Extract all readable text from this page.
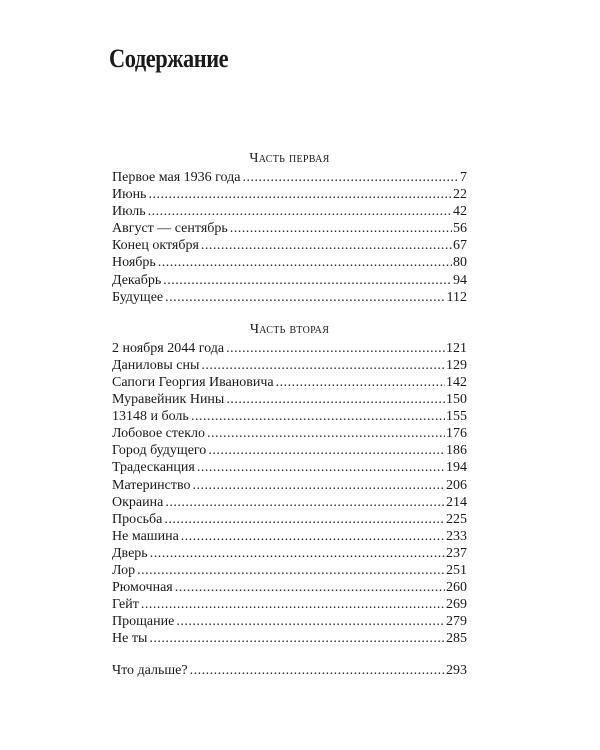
Содержание
Часть первая
Первое мая 1936 года .....	7
Июнь .....	22
Июль .....	42
Август — сентябрь .....	56
Конец октября .....	67
Ноябрь .....	80
Декабрь .....	94
Будущее .....	112
Часть вторая
2 ноября 2044 года .....	121
Даниловы сны .....	129
Сапоги Георгия Ивановича .....	142
Муравейник Нины .....	150
13148 и боль .....	155
Лобовое стекло .....	176
Город будущего .....	186
Традесканция .....	194
Материнство .....	206
Окраина .....	214
Просьба .....	225
Не машина .....	233
Дверь .....	237
Лор .....	251
Рюмочная .....	260
Гейт .....	269
Прощание .....	279
Не ты .....	285
Что дальше? .....	293
